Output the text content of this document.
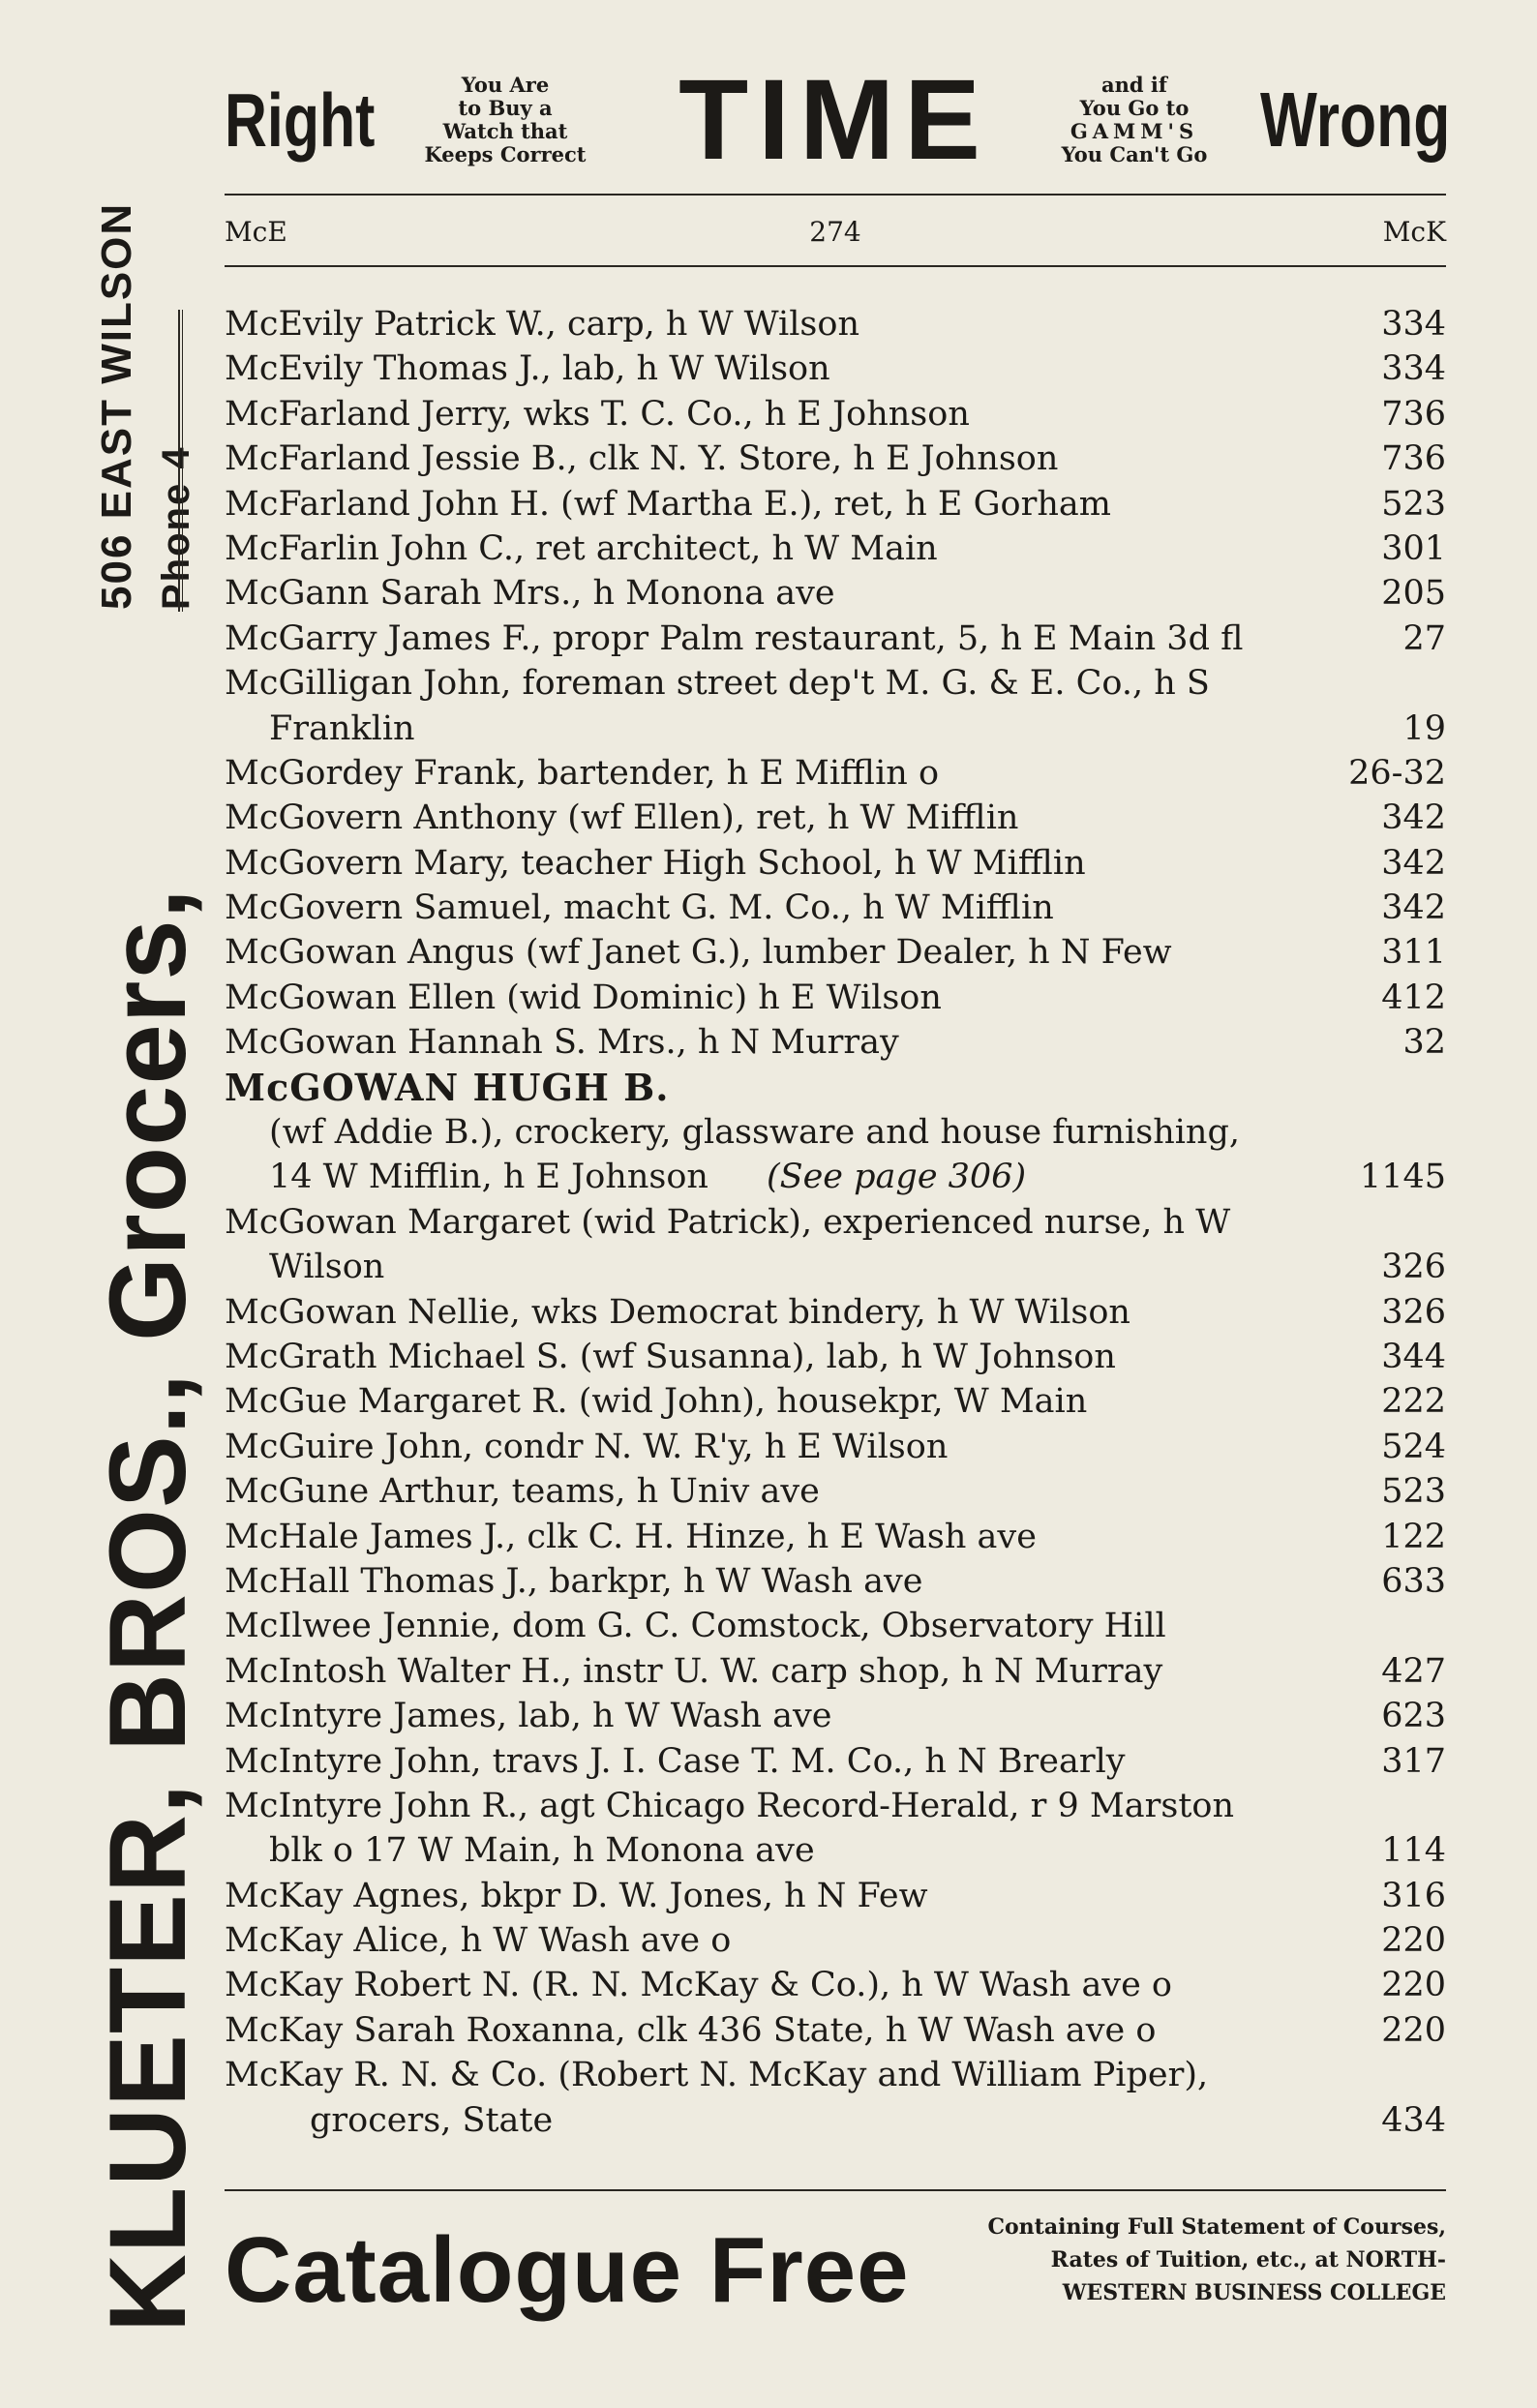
KLUETER, BROS., Grocers,
506 EAST WILSON Phone 4
Right	You Are
to Buy a
Watch that
Keeps Correct TIME	and if
You Go to
GAMM'S
You Can't Go Wrong
McE	274	McK
McEvily Patrick W., carp, h W Wilson	334
McEvily Thomas J., lab, h W Wilson	334
McFarland Jerry, wks T. C. Co., h E Johnson	736
McFarland Jessie B., clk N. Y. Store, h E Johnson	736
McFarland John H. (wf Martha E.), ret, h E Gorham	523
McFarlin John C., ret architect, h W Main	301
McGann Sarah Mrs., h Monona ave	205
McGarry James F., propr Palm restaurant, 5, h E Main 3d fl	27
McGilligan John, foreman street dep't M. G. & E. Co., h S
Franklin	19
McGordey Frank, bartender, h E Mifflin o	26-32
McGovern Anthony (wf Ellen), ret, h W Mifflin	342
McGovern Mary, teacher High School, h W Mifflin	342
McGovern Samuel, macht G. M. Co., h W Mifflin	342
McGowan Angus (wf Janet G.), lumber Dealer, h N Few	311
McGowan Ellen (wid Dominic) h E Wilson	412
McGowan Hannah S. Mrs., h N Murray	32
McGOWAN HUGH B.
(wf Addie B.), crockery, glassware and house furnishing,
14 W Mifflin, h E Johnson (See page 306)	1145
McGowan Margaret (wid Patrick), experienced nurse, h W
Wilson	326
McGowan Nellie, wks Democrat bindery, h W Wilson	326
McGrath Michael S. (wf Susanna), lab, h W Johnson	344
McGue Margaret R. (wid John), housekpr, W Main	222
McGuire John, condr N. W. R'y, h E Wilson	524
McGune Arthur, teams, h Univ ave	523
McHale James J., clk C. H. Hinze, h E Wash ave	122
McHall Thomas J., barkpr, h W Wash ave	633
McIlwee Jennie, dom G. C. Comstock, Observatory Hill
McIntosh Walter H., instr U. W. carp shop, h N Murray	427
McIntyre James, lab, h W Wash ave	623
McIntyre John, travs J. I. Case T. M. Co., h N Brearly	317
McIntyre John R., agt Chicago Record-Herald, r 9 Marston
blk o 17 W Main, h Monona ave	114
McKay Agnes, bkpr D. W. Jones, h N Few	316
McKay Alice, h W Wash ave o	220
McKay Robert N. (R. N. McKay & Co.), h W Wash ave o	220
McKay Sarah Roxanna, clk 436 State, h W Wash ave o	220
McKay R. N. & Co. (Robert N. McKay and William Piper),
grocers, State	434
Catalogue Free	Containing Full Statement of Courses,
Rates of Tuition, etc., at NORTH-
WESTERN BUSINESS COLLEGE
